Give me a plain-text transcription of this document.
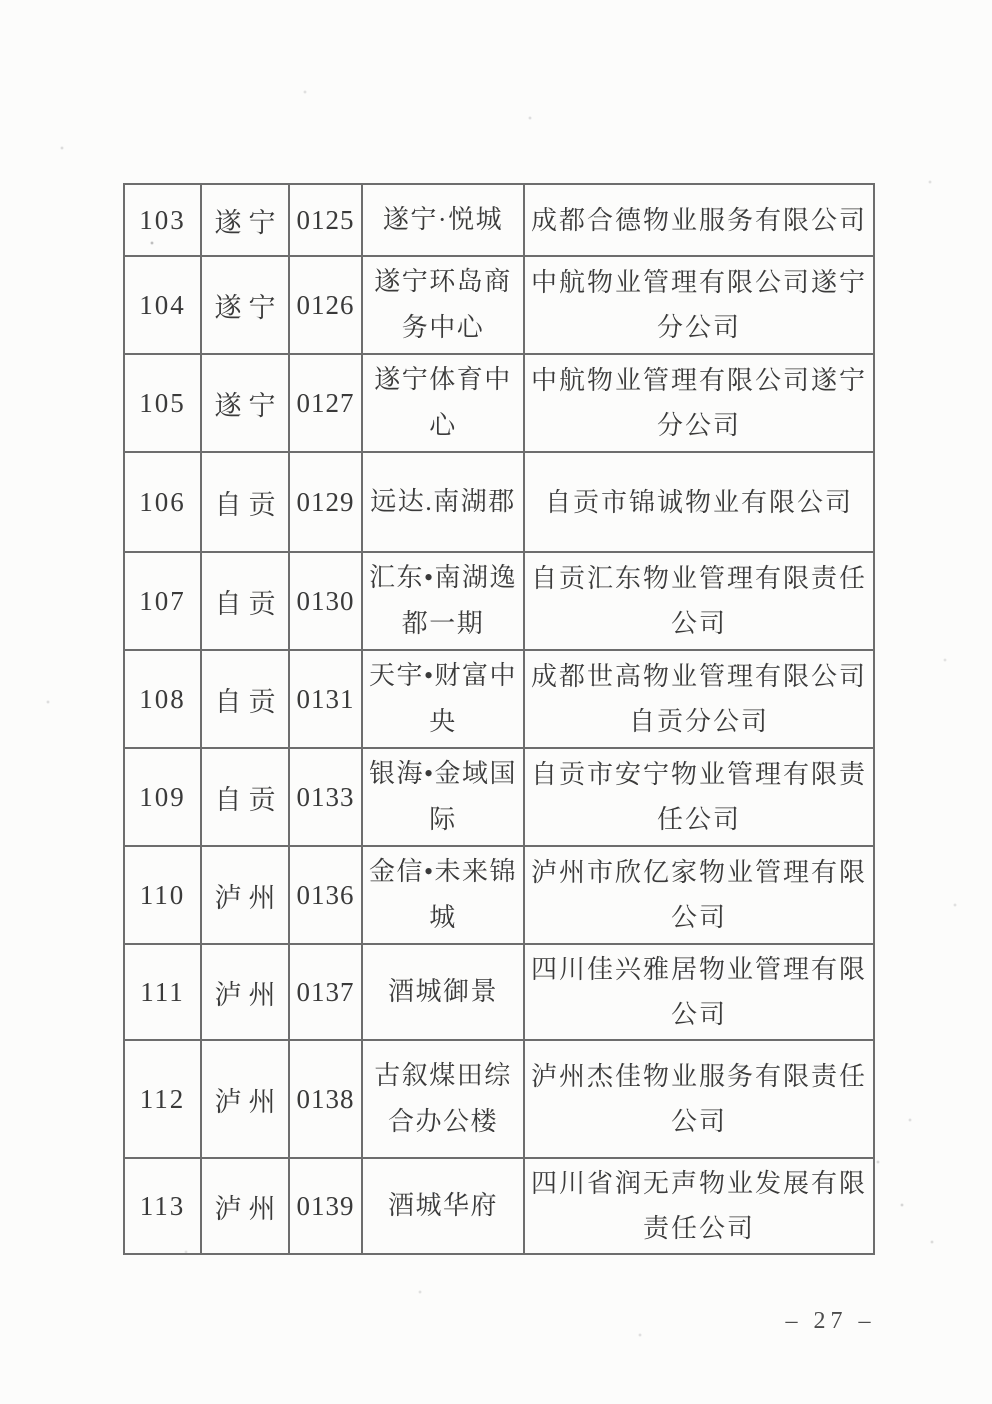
103	遂宁	0125	遂宁·悦城	成都合德物业服务有限公司
104	遂宁	0126	遂宁环岛商务中心	中航物业管理有限公司遂宁分公司
105	遂宁	0127	遂宁体育中心	中航物业管理有限公司遂宁分公司
106	自贡	0129	远达.南湖郡	自贡市锦诚物业有限公司
107	自贡	0130	汇东•南湖逸都一期	自贡汇东物业管理有限责任公司
108	自贡	0131	天宇•财富中央	成都世高物业管理有限公司自贡分公司
109	自贡	0133	银海•金域国际	自贡市安宁物业管理有限责任公司
110	泸州	0136	金信•未来锦城	泸州市欣亿家物业管理有限公司
111	泸州	0137	酒城御景	四川佳兴雅居物业管理有限公司
112	泸州	0138	古叙煤田综合办公楼	泸州杰佳物业服务有限责任公司
113	泸州	0139	酒城华府	四川省润无声物业发展有限责任公司
– 27 –
